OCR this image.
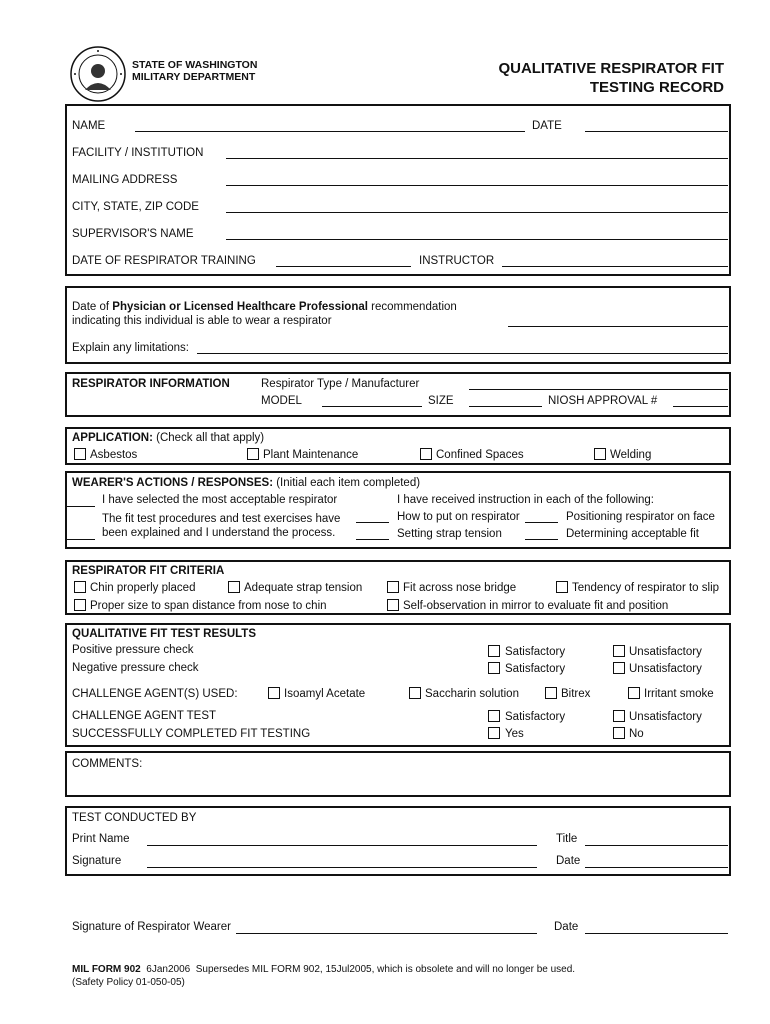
STATE OF WASHINGTON
MILITARY DEPARTMENT	QUALITATIVE RESPIRATOR FIT
TESTING RECORD
NAME	DATE
FACILITY / INSTITUTION
MAILING ADDRESS
CITY, STATE, ZIP CODE
SUPERVISOR'S NAME
DATE OF RESPIRATOR TRAINING	INSTRUCTOR
Date of Physician or Licensed Healthcare Professional recommendation
indicating this individual is able to wear a respirator
Explain any limitations:
RESPIRATOR INFORMATION	Respirator Type / Manufacturer
MODEL	SIZE	NIOSH APPROVAL #
APPLICATION: (Check all that apply)
Asbestos	Plant Maintenance	Confined Spaces	Welding
WEARER'S ACTIONS / RESPONSES: (Initial each item completed)
I have selected the most acceptable respirator
The fit test procedures and test exercises have
been explained and I understand the process.
I have received instruction in each of the following:
How to put on respirator	Positioning respirator on face
Setting strap tension	Determining acceptable fit
RESPIRATOR FIT CRITERIA
Chin properly placed	Adequate strap tension	Fit across nose bridge	Tendency of respirator to slip
Proper size to span distance from nose to chin	Self-observation in mirror to evaluate fit and position
QUALITATIVE FIT TEST RESULTS
Positive pressure check	Satisfactory	Unsatisfactory
Negative pressure check	Satisfactory	Unsatisfactory
CHALLENGE AGENT(S) USED:	Isoamyl Acetate	Saccharin solution	Bitrex	Irritant smoke
CHALLENGE AGENT TEST	Satisfactory	Unsatisfactory
SUCCESSFULLY COMPLETED FIT TESTING	Yes	No
COMMENTS:
TEST CONDUCTED BY
Print Name	Title
Signature	Date
Signature of Respirator Wearer	Date
MIL FORM 902  6Jan2006  Supersedes MIL FORM 902, 15Jul2005, which is obsolete and will no longer be used.
(Safety Policy 01-050-05)
